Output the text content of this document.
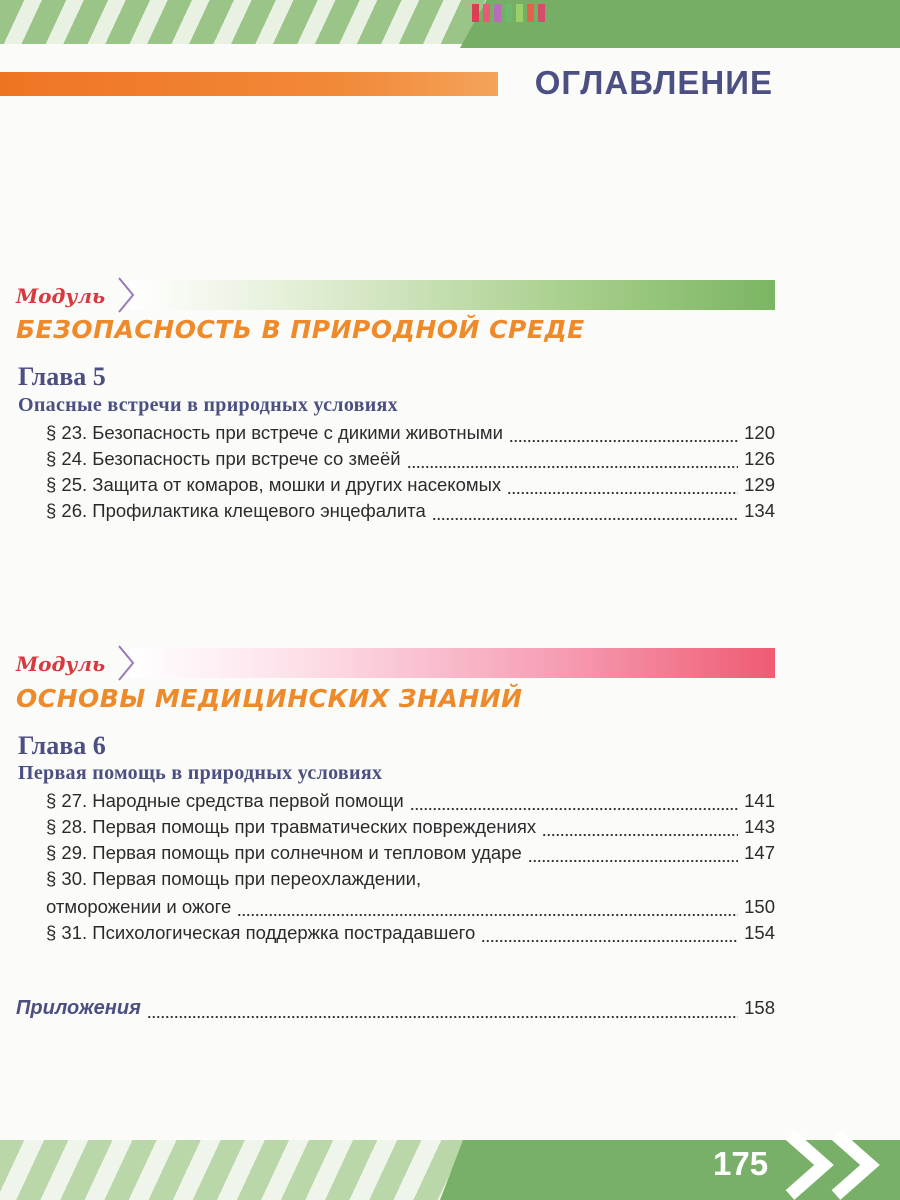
ОГЛАВЛЕНИЕ
Модуль
БЕЗОПАСНОСТЬ В ПРИРОДНОЙ СРЕДЕ
Глава 5
Опасные встречи в природных условиях
§ 23. Безопасность при встрече с дикими животными	120
§ 24. Безопасность при встрече со змеёй	126
§ 25. Защита от комаров, мошки и других насекомых	129
§ 26. Профилактика клещевого энцефалита	134
Модуль
ОСНОВЫ МЕДИЦИНСКИХ ЗНАНИЙ
Глава 6
Первая помощь в природных условиях
§ 27. Народные средства первой помощи	141
§ 28. Первая помощь при травматических повреждениях	143
§ 29. Первая помощь при солнечном и тепловом ударе	147
§ 30. Первая помощь при переохлаждении,
отморожении и ожоге	150
§ 31. Психологическая поддержка пострадавшего	154
Приложения	158
175
